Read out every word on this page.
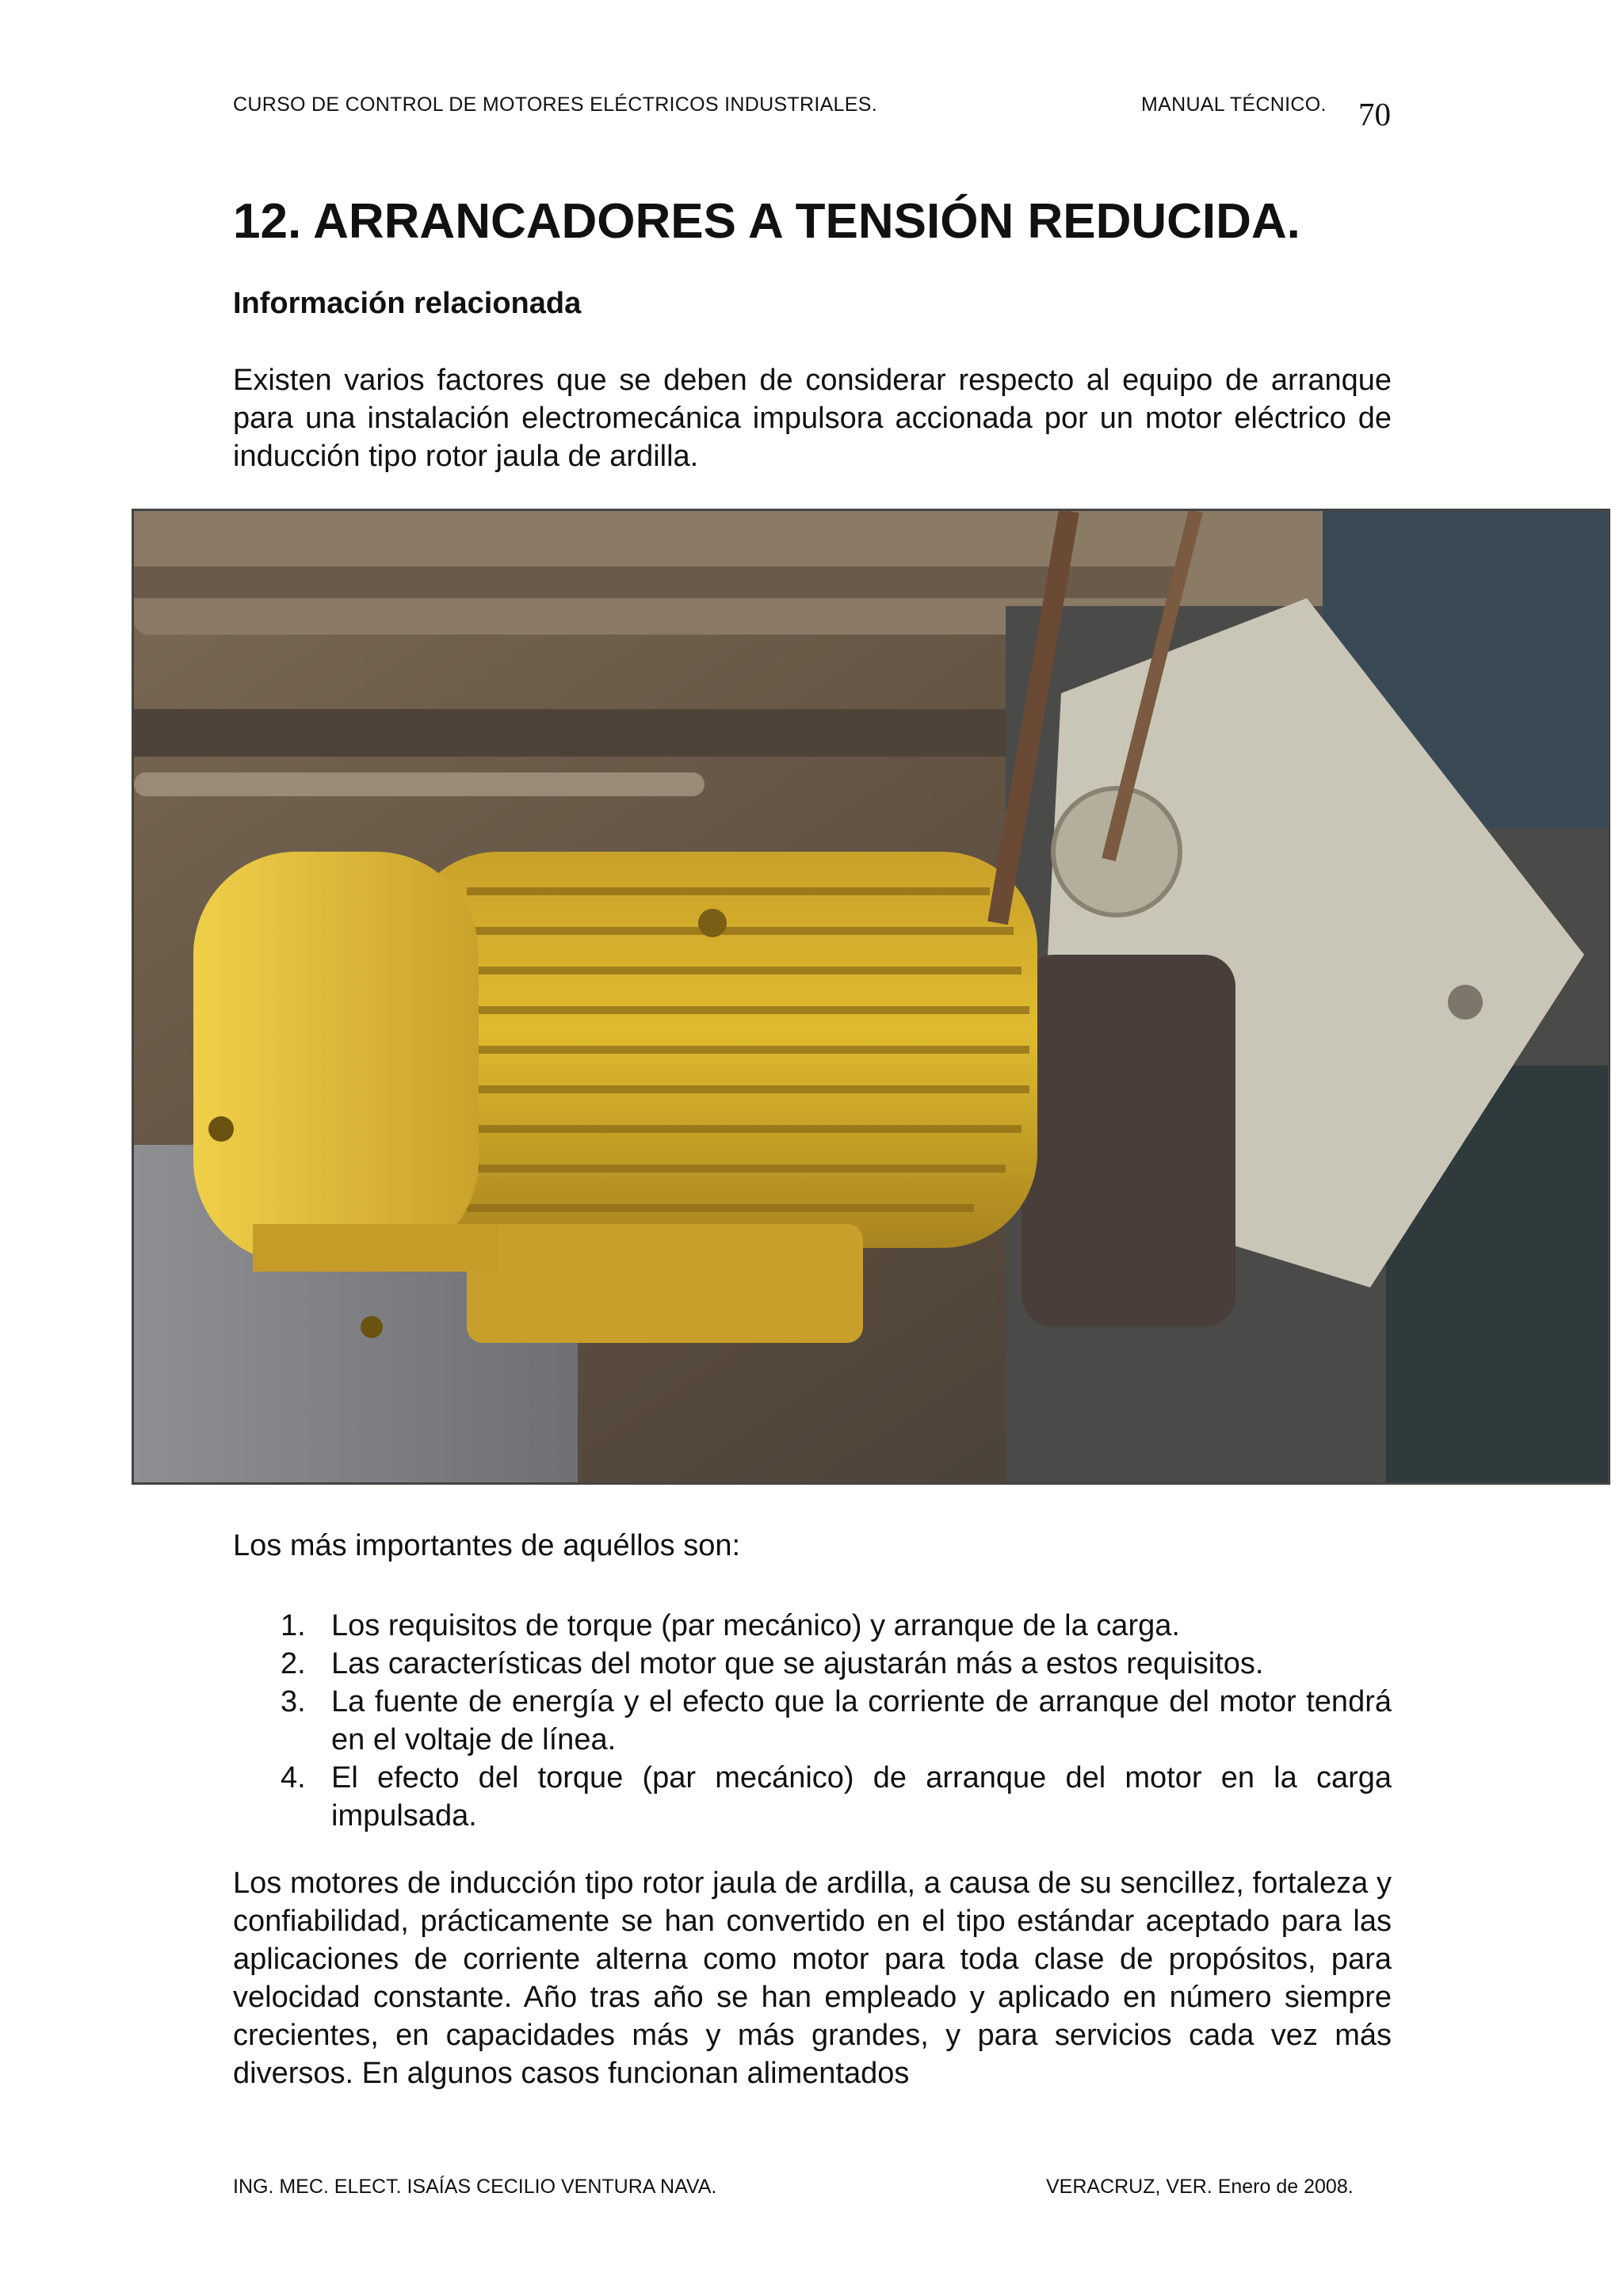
CURSO DE CONTROL DE MOTORES ELÉCTRICOS INDUSTRIALES.	MANUAL TÉCNICO. 70
12. ARRANCADORES A TENSIÓN REDUCIDA.
Información relacionada

Existen varios factores que se deben de considerar respecto al equipo de arranque para una instalación electromecánica impulsora accionada por un motor eléctrico de inducción tipo rotor jaula de ardilla.

Los más importantes de aquéllos son:

1. Los requisitos de torque (par mecánico) y arranque de la carga.
2. Las características del motor que se ajustarán más a estos requisitos.
3. La fuente de energía y el efecto que la corriente de arranque del motor tendrá en el voltaje de línea.
4. El efecto del torque (par mecánico) de arranque del motor en la carga impulsada.

Los motores de inducción tipo rotor jaula de ardilla, a causa de su sencillez, fortaleza y confiabilidad, prácticamente se han convertido en el tipo estándar aceptado para las aplicaciones de corriente alterna como motor para toda clase de propósitos, para velocidad constante. Año tras año se han empleado y aplicado en número siempre crecientes, en capacidades más y más grandes, y para servicios cada vez más diversos. En algunos casos funcionan alimentados

ING. MEC. ELECT. ISAÍAS CECILIO VENTURA NAVA.	VERACRUZ, VER. Enero de 2008.
